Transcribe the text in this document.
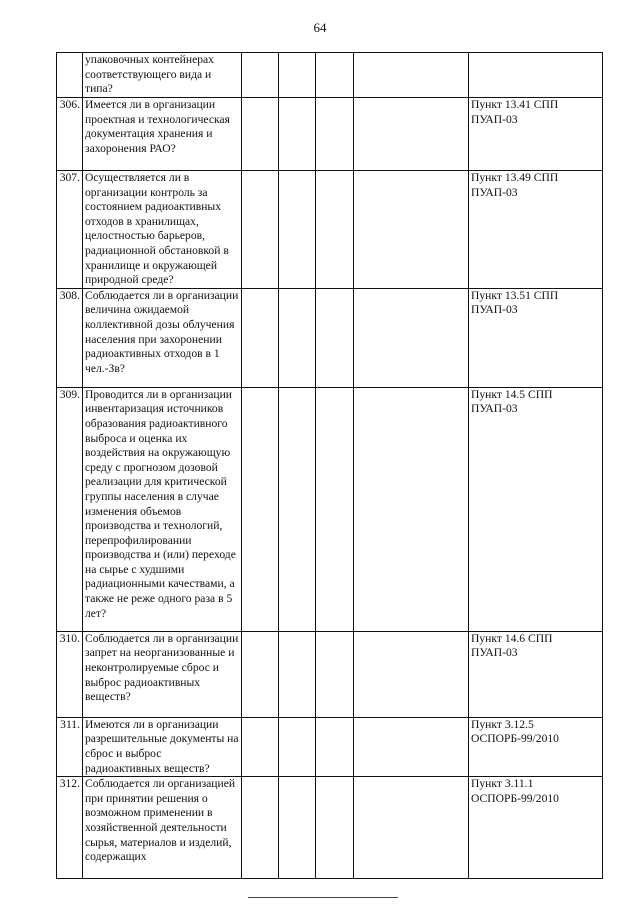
64
	упаковочных контейнерах соответствующего вида и типа?					
306.	Имеется ли в организации проектная и технологическая документация хранения и захоронения РАО?					Пункт 13.41 СПП ПУАП-03
307.	Осуществляется ли в организации контроль за состоянием радиоактивных отходов в хранилищах, целостностью барьеров, радиационной обстановкой в хранилище и окружающей природной среде?					Пункт 13.49 СПП ПУАП-03
308.	Соблюдается ли в организации величина ожидаемой коллективной дозы облучения населения при захоронении радиоактивных отходов в 1 чел.-Зв?					Пункт 13.51 СПП ПУАП-03
309.	Проводится ли в организации инвентаризация источников образования радиоактивного выброса и оценка их воздействия на окружающую среду с прогнозом дозовой реализации для критической группы населения в случае изменения объемов производства и технологий, перепрофилировании производства и (или) переходе на сырье с худшими радиационными качествами, а также не реже одного раза в 5 лет?					Пункт 14.5 СПП ПУАП-03
310.	Соблюдается ли в организации запрет на неорганизованные и неконтролируемые сброс и выброс радиоактивных веществ?					Пункт 14.6 СПП ПУАП-03
311.	Имеются ли в организации разрешительные документы на сброс и выброс радиоактивных веществ?					Пункт 3.12.5 ОСПОРБ-99/2010
312.	Соблюдается ли организацией при принятии решения о возможном применении в хозяйственной деятельности сырья, материалов и изделий, содержащих					Пункт 3.11.1 ОСПОРБ-99/2010
